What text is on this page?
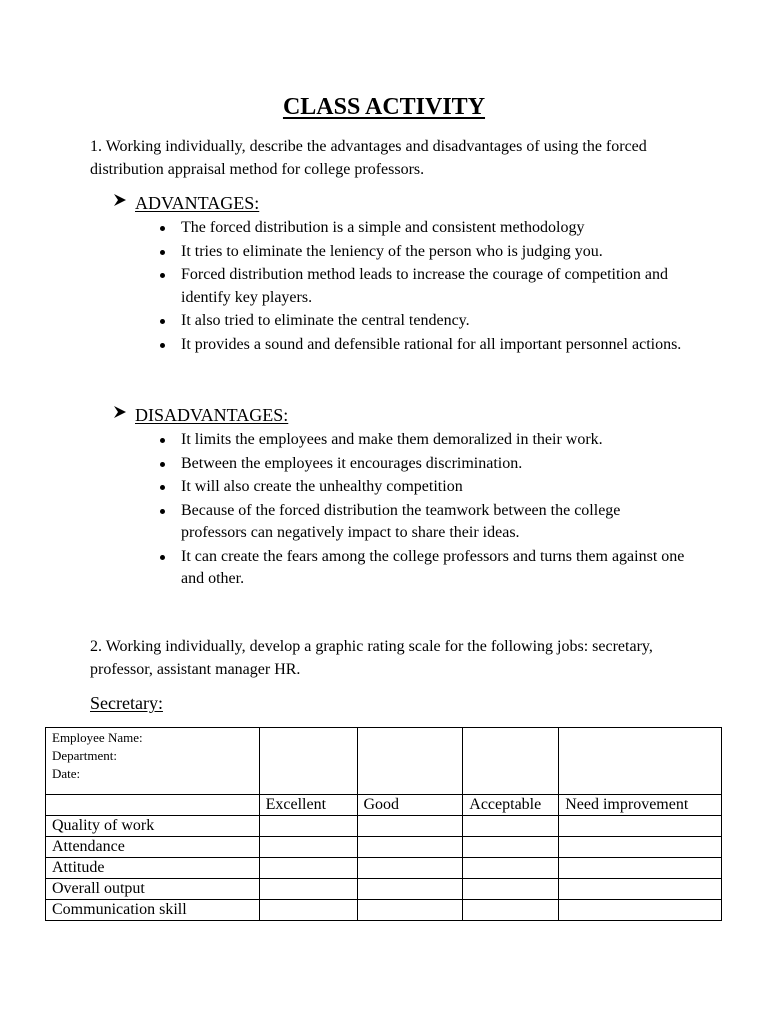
CLASS ACTIVITY
1. Working individually, describe the advantages and disadvantages of using the forced distribution appraisal method for college professors.
ADVANTAGES:
The forced distribution is a simple and consistent methodology
It tries to eliminate the leniency of the person who is judging you.
Forced distribution method leads to increase the courage of competition and identify key players.
It also tried to eliminate the central tendency.
It provides a sound and defensible rational for all important personnel actions.
DISADVANTAGES:
It limits the employees and make them demoralized in their work.
Between the employees it encourages discrimination.
It will also create the unhealthy competition
Because of the forced distribution the teamwork between the college professors can negatively impact to share their ideas.
It can create the fears among the college professors and turns them against one and other.
2. Working individually, develop a graphic rating scale for the following jobs: secretary, professor, assistant manager HR.
Secretary:
Employee Name:
Department:
Date:				

	Excellent	Good	Acceptable	Need improvement
Quality of work				
Attendance				
Attitude				
Overall output				
Communication skill				
